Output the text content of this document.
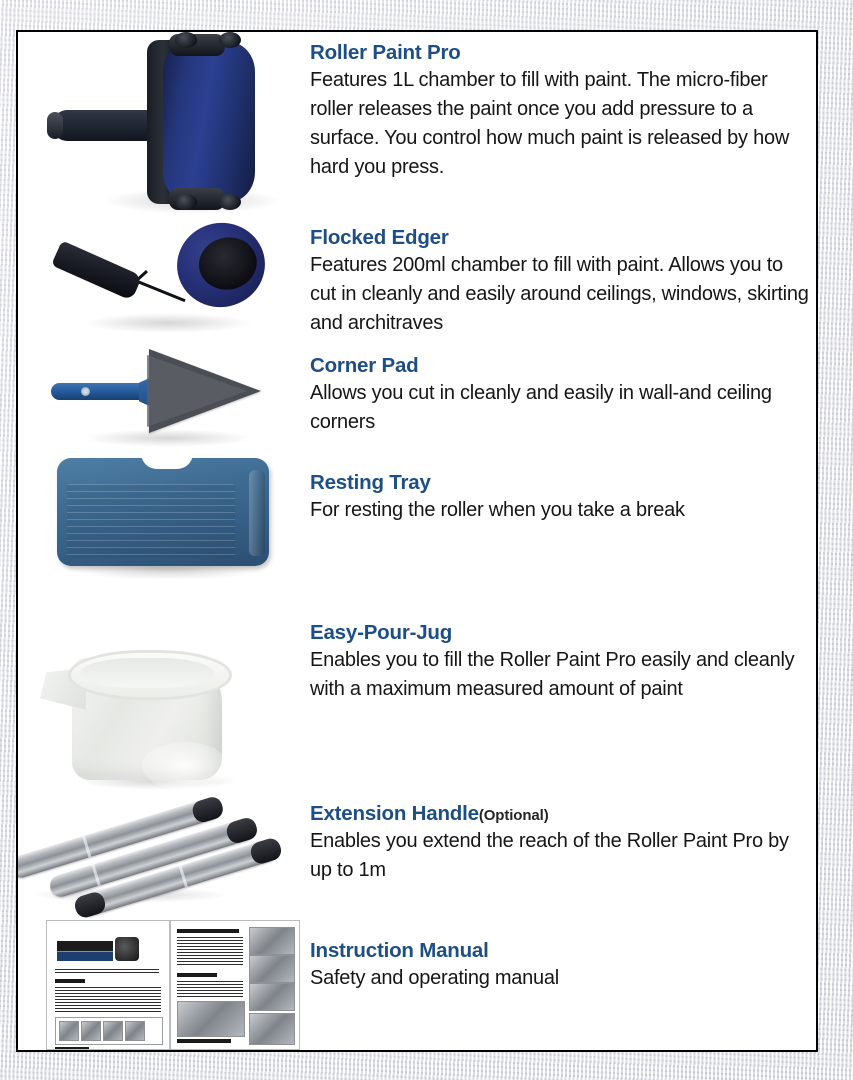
Roller Paint Pro
Features 1L chamber to fill with paint. The micro-fiber roller releases the paint once you add pressure to a surface. You control how much paint is released by how hard you press.
Flocked Edger
Features 200ml chamber to fill with paint. Allows you to cut in cleanly and easily around ceilings, windows, skirting and architraves
Corner Pad
Allows you cut in cleanly and easily in wall-and ceiling corners
Resting Tray
For resting the roller when you take a break
Easy-Pour-Jug
Enables you to fill the Roller Paint Pro easily and cleanly with a maximum measured amount of paint
Extension Handle(Optional)
Enables you extend the reach of the Roller Paint Pro by up to 1m
Instruction Manual
Safety and operating manual
